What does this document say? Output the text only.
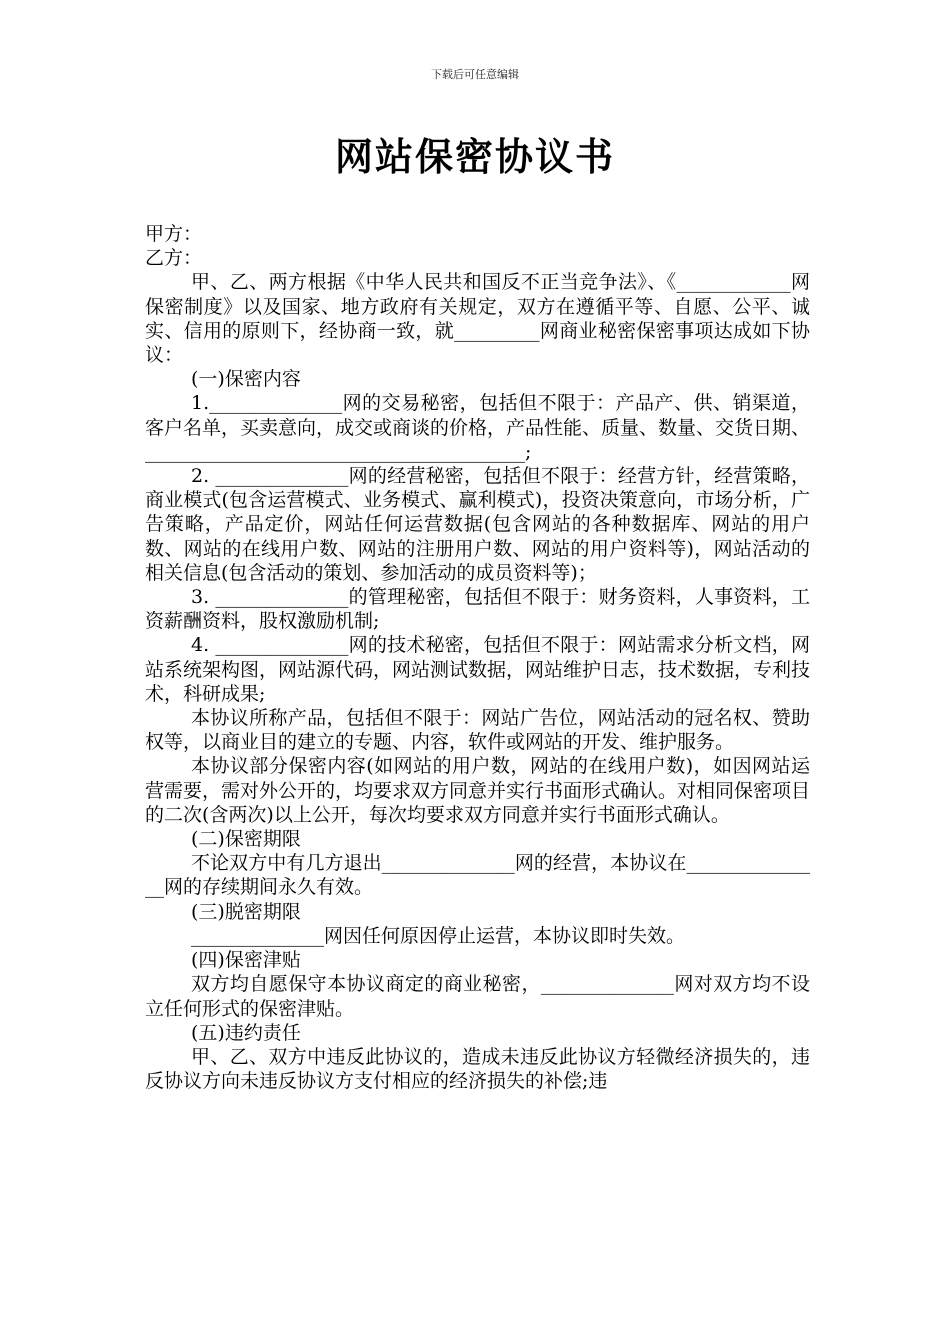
下载后可任意编辑
网站保密协议书

甲方：

乙方：

甲、乙、两方根据《中华人民共和国反不正当竞争法》、《____________网保密制度》以及国家、地方政府有关规定，双方在遵循平等、自愿、公平、诚实、信用的原则下，经协商一致，就_________网商业秘密保密事项达成如下协议：

(一)保密内容

1.______________网的交易秘密，包括但不限于：产品产、供、销渠道，客户名单，买卖意向，成交或商谈的价格，产品性能、质量、数量、交货日期、________________________________________;

2. ______________网的经营秘密，包括但不限于：经营方针，经营策略，商业模式(包含运营模式、业务模式、赢利模式)，投资决策意向，市场分析，广告策略，产品定价，网站任何运营数据(包含网站的各种数据库、网站的用户数、网站的在线用户数、网站的注册用户数、网站的用户资料等)，网站活动的相关信息(包含活动的策划、参加活动的成员资料等)；

3. ______________的管理秘密，包括但不限于：财务资料，人事资料，工资薪酬资料，股权激励机制;

4. ______________网的技术秘密，包括但不限于：网站需求分析文档，网站系统架构图，网站源代码，网站测试数据，网站维护日志，技术数据，专利技术，科研成果;

本协议所称产品，包括但不限于：网站广告位，网站活动的冠名权、赞助权等，以商业目的建立的专题、内容，软件或网站的开发、维护服务。

本协议部分保密内容(如网站的用户数，网站的在线用户数)，如因网站运营需要，需对外公开的，均要求双方同意并实行书面形式确认。对相同保密项目的二次(含两次)以上公开，每次均要求双方同意并实行书面形式确认。

(二)保密期限

不论双方中有几方退出______________网的经营，本协议在_______________网的存续期间永久有效。

(三)脱密期限

______________网因任何原因停止运营，本协议即时失效。

(四)保密津贴

双方均自愿保守本协议商定的商业秘密，______________网对双方均不设立任何形式的保密津贴。

(五)违约责任

甲、乙、双方中违反此协议的，造成未违反此协议方轻微经济损失的，违反协议方向未违反协议方支付相应的经济损失的补偿;违
